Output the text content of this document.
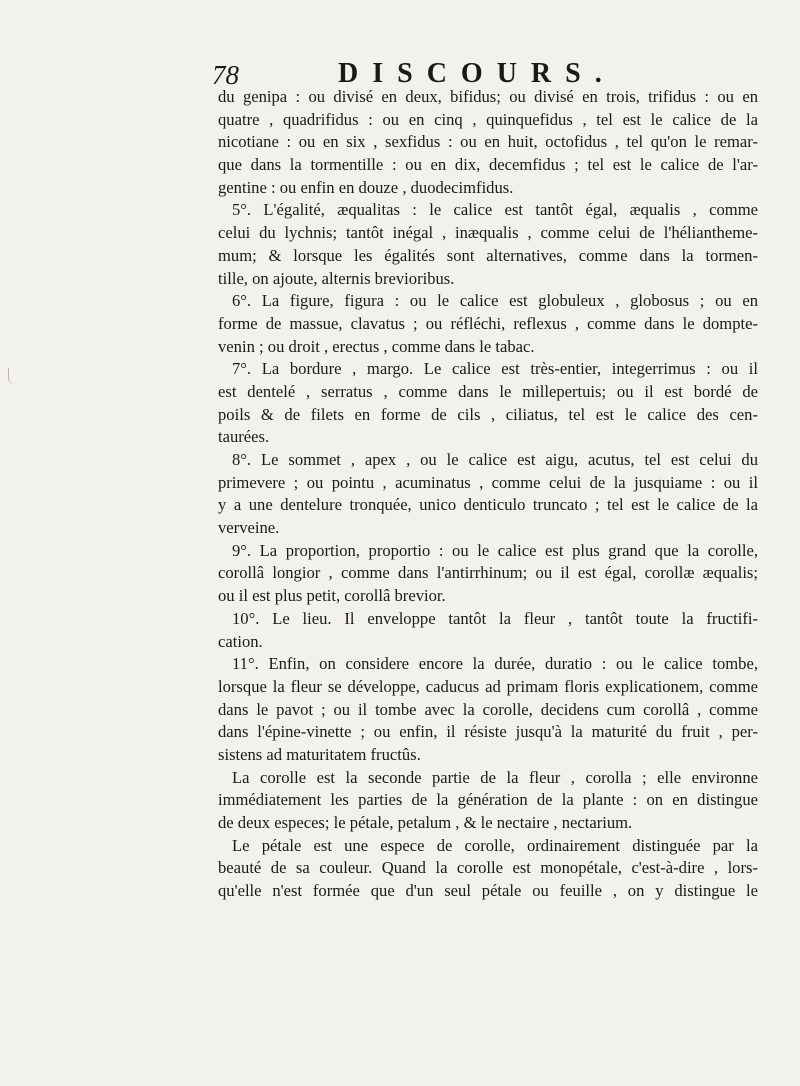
78	DISCOURS.
du genipa : ou divisé en deux, bifidus; ou divisé en trois, trifidus : ou en
quatre , quadrifidus : ou en cinq , quinquefidus , tel est le calice de la
nicotiane : ou en six , sexfidus : ou en huit, octofidus , tel qu'on le remar-
que dans la tormentille : ou en dix, decemfidus ; tel est le calice de l'ar-
gentine : ou enfin en douze , duodecimfidus.
5°. L'égalité, æqualitas : le calice est tantôt égal, æqualis , comme
celui du lychnis; tantôt inégal , inæqualis , comme celui de l'héliantheme-
mum; & lorsque les égalités sont alternatives, comme dans la tormen-
tille, on ajoute, alternis brevioribus.
6°. La figure, figura : ou le calice est globuleux , globosus ; ou en
forme de massue, clavatus ; ou réfléchi, reflexus , comme dans le dompte-
venin ; ou droit , erectus , comme dans le tabac.
7°. La bordure , margo. Le calice est très-entier, integerrimus : ou il
est dentelé , serratus , comme dans le millepertuis; ou il est bordé de
poils & de filets en forme de cils , ciliatus, tel est le calice des cen-
taurées.
8°. Le sommet , apex , ou le calice est aigu, acutus, tel est celui du
primevere ; ou pointu , acuminatus , comme celui de la jusquiame : ou il
y a une dentelure tronquée, unico denticulo truncato ; tel est le calice de la
verveine.
9°. La proportion, proportio : ou le calice est plus grand que la corolle,
corollâ longior , comme dans l'antirrhinum; ou il est égal, corollæ æqualis;
ou il est plus petit, corollâ brevior.
10°. Le lieu. Il enveloppe tantôt la fleur , tantôt toute la fructifi-
cation.
11°. Enfin, on considere encore la durée, duratio : ou le calice tombe,
lorsque la fleur se développe, caducus ad primam floris explicationem, comme
dans le pavot ; ou il tombe avec la corolle, decidens cum corollâ , comme
dans l'épine-vinette ; ou enfin, il résiste jusqu'à la maturité du fruit , per-
sistens ad maturitatem fructûs.
La corolle est la seconde partie de la fleur , corolla ; elle environne
immédiatement les parties de la génération de la plante : on en distingue
de deux especes; le pétale, petalum , & le nectaire , nectarium.
Le pétale est une espece de corolle, ordinairement distinguée par la
beauté de sa couleur. Quand la corolle est monopétale, c'est-à-dire , lors-
qu'elle n'est formée que d'un seul pétale ou feuille , on y distingue le
